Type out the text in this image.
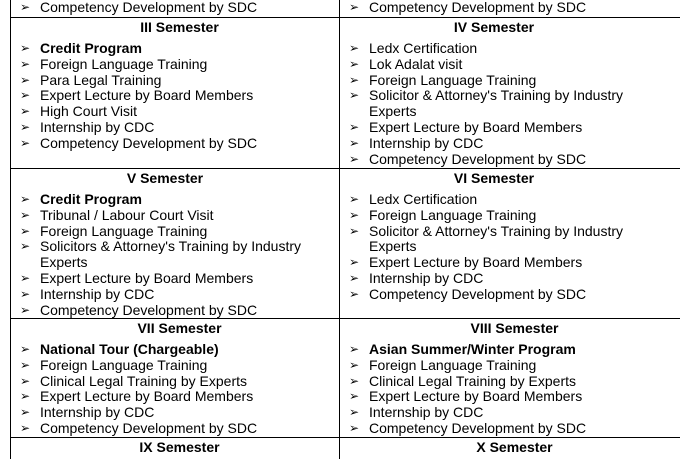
➢ Competency Development by SDC	➢ Competency Development by SDC
III Semester
➢ Credit Program
➢ Foreign Language Training
➢ Para Legal Training
➢ Expert Lecture by Board Members
➢ High Court Visit
➢ Internship by CDC
➢ Competency Development by SDC
IV Semester
➢ Ledx Certification
➢ Lok Adalat visit
➢ Foreign Language Training
➢ Solicitor & Attorney's Training by Industry Experts
➢ Expert Lecture by Board Members
➢ Internship by CDC
➢ Competency Development by SDC
V Semester
➢ Credit Program
➢ Tribunal / Labour Court Visit
➢ Foreign Language Training
➢ Solicitors & Attorney's Training by Industry Experts
➢ Expert Lecture by Board Members
➢ Internship by CDC
➢ Competency Development by SDC
VI Semester
➢ Ledx Certification
➢ Foreign Language Training
➢ Solicitor & Attorney's Training by Industry Experts
➢ Expert Lecture by Board Members
➢ Internship by CDC
➢ Competency Development by SDC
VII Semester
➢ National Tour (Chargeable)
➢ Foreign Language Training
➢ Clinical Legal Training by Experts
➢ Expert Lecture by Board Members
➢ Internship by CDC
➢ Competency Development by SDC
VIII Semester
➢ Asian Summer/Winter Program
➢ Foreign Language Training
➢ Clinical Legal Training by Experts
➢ Expert Lecture by Board Members
➢ Internship by CDC
➢ Competency Development by SDC
IX Semester	X Semester
